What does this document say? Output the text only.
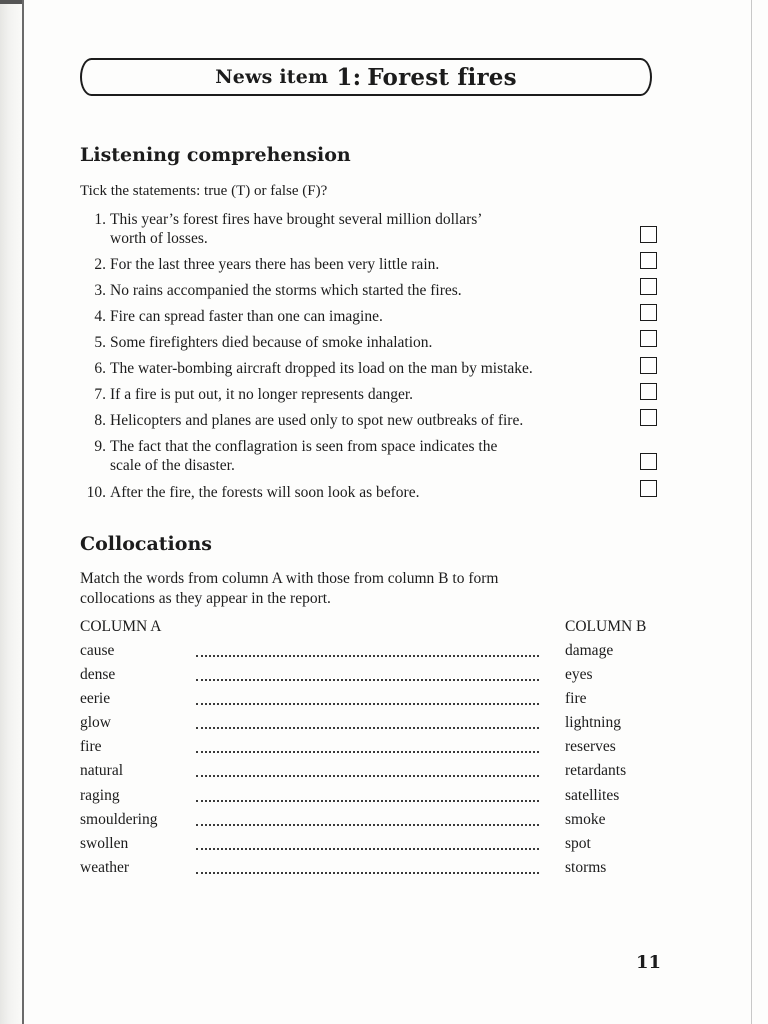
News item 1: Forest fires
Listening comprehension
Tick the statements: true (T) or false (F)?
1. This year’s forest fires have brought several million dollars’
worth of losses.
2. For the last three years there has been very little rain.
3. No rains accompanied the storms which started the fires.
4. Fire can spread faster than one can imagine.
5. Some firefighters died because of smoke inhalation.
6. The water-bombing aircraft dropped its load on the man by mistake.
7. If a fire is put out, it no longer represents danger.
8. Helicopters and planes are used only to spot new outbreaks of fire.
9. The fact that the conflagration is seen from space indicates the
scale of the disaster.
10. After the fire, the forests will soon look as before.
Collocations
Match the words from column A with those from column B to form
collocations as they appear in the report.
COLUMN A	COLUMN B
cause	damage
dense	eyes
eerie	fire
glow	lightning
fire	reserves
natural	retardants
raging	satellites
smouldering	smoke
swollen	spot
weather	storms
11
